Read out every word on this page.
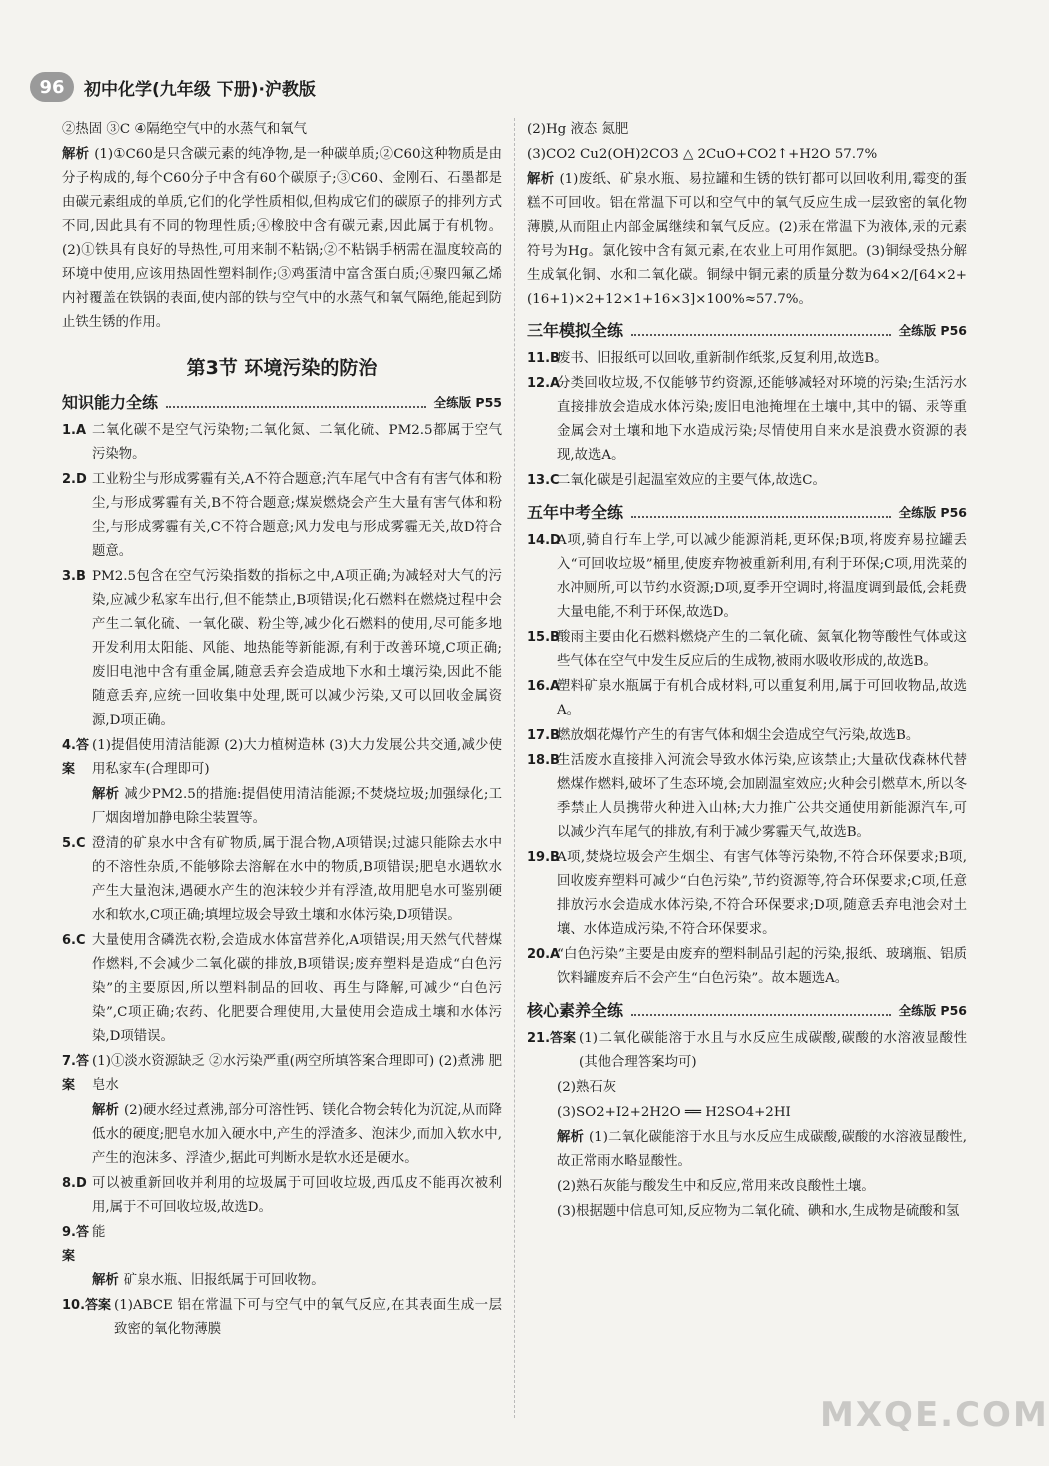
96	初中化学(九年级 下册)·沪教版

②热固 ③C ④隔绝空气中的水蒸气和氧气

解析 (1)①C60是只含碳元素的纯净物,是一种碳单质;②C60这种物质是由分子构成的,每个C60分子中含有60个碳原子;③C60、金刚石、石墨都是由碳元素组成的单质,它们的化学性质相似,但构成它们的碳原子的排列方式不同,因此具有不同的物理性质;④橡胶中含有碳元素,因此属于有机物。(2)①铁具有良好的导热性,可用来制不粘锅;②不粘锅手柄需在温度较高的环境中使用,应该用热固性塑料制作;③鸡蛋清中富含蛋白质;④聚四氟乙烯内衬覆盖在铁锅的表面,使内部的铁与空气中的水蒸气和氧气隔绝,能起到防止铁生锈的作用。

第3节 环境污染的防治
知识能力全练	全练版 P55
1.A 二氧化碳不是空气污染物;二氧化氮、二氧化硫、PM2.5都属于空气污染物。

2.D 工业粉尘与形成雾霾有关,A不符合题意;汽车尾气中含有有害气体和粉尘,与形成雾霾有关,B不符合题意;煤炭燃烧会产生大量有害气体和粉尘,与形成雾霾有关,C不符合题意;风力发电与形成雾霾无关,故D符合题意。

3.B PM2.5包含在空气污染指数的指标之中,A项正确;为减轻对大气的污染,应减少私家车出行,但不能禁止,B项错误;化石燃料在燃烧过程中会产生二氧化硫、一氧化碳、粉尘等,减少化石燃料的使用,尽可能多地开发利用太阳能、风能、地热能等新能源,有利于改善环境,C项正确;废旧电池中含有重金属,随意丢弃会造成地下水和土壤污染,因此不能随意丢弃,应统一回收集中处理,既可以减少污染,又可以回收金属资源,D项正确。

4.答案

(1)提倡使用清洁能源 (2)大力植树造林 (3)大力发展公共交通,减少使用私家车(合理即可)

解析 减少PM2.5的措施:提倡使用清洁能源;不焚烧垃圾;加强绿化;工厂烟囱增加静电除尘装置等。

5.C 澄清的矿泉水中含有矿物质,属于混合物,A项错误;过滤只能除去水中的不溶性杂质,不能够除去溶解在水中的物质,B项错误;肥皂水遇软水产生大量泡沫,遇硬水产生的泡沫较少并有浮渣,故用肥皂水可鉴别硬水和软水,C项正确;填埋垃圾会导致土壤和水体污染,D项错误。

6.C 大量使用含磷洗衣粉,会造成水体富营养化,A项错误;用天然气代替煤作燃料,不会减少二氧化碳的排放,B项错误;废弃塑料是造成“白色污染”的主要原因,所以塑料制品的回收、再生与降解,可减少“白色污染”,C项正确;农药、化肥要合理使用,大量使用会造成土壤和水体污染,D项错误。

7.答案

(1)①淡水资源缺乏 ②水污染严重(两空所填答案合理即可) (2)煮沸 肥皂水

解析 (2)硬水经过煮沸,部分可溶性钙、镁化合物会转化为沉淀,从而降低水的硬度;肥皂水加入硬水中,产生的浮渣多、泡沫少,而加入软水中,产生的泡沫多、浮渣少,据此可判断水是软水还是硬水。

8.D 可以被重新回收并利用的垃圾属于可回收垃圾,西瓜皮不能再次被利用,属于不可回收垃圾,故选D。

9.答案

能

解析 矿泉水瓶、旧报纸属于可回收物。

10.答案 (1)ABCE 铝在常温下可与空气中的氧气反应,在其表面生成一层致密的氧化物薄膜

(2)Hg 液态 氮肥

(3)CO2 Cu2(OH)2CO3 △ 2CuO+CO2↑+H2O 57.7%

解析 (1)废纸、矿泉水瓶、易拉罐和生锈的铁钉都可以回收利用,霉变的蛋糕不可回收。铝在常温下可以和空气中的氧气反应生成一层致密的氧化物薄膜,从而阻止内部金属继续和氧气反应。(2)汞在常温下为液体,汞的元素符号为Hg。氯化铵中含有氮元素,在农业上可用作氮肥。(3)铜绿受热分解生成氧化铜、水和二氧化碳。铜绿中铜元素的质量分数为64×2/[64×2+(16+1)×2+12×1+16×3]×100%≈57.7%。

三年模拟全练	全练版 P56
11.B

废书、旧报纸可以回收,重新制作纸浆,反复利用,故选B。

12.A

分类回收垃圾,不仅能够节约资源,还能够减轻对环境的污染;生活污水直接排放会造成水体污染;废旧电池掩埋在土壤中,其中的镉、汞等重金属会对土壤和地下水造成污染;尽情使用自来水是浪费水资源的表现,故选A。

13.C

二氧化碳是引起温室效应的主要气体,故选C。

五年中考全练	全练版 P56
14.D

A项,骑自行车上学,可以减少能源消耗,更环保;B项,将废弃易拉罐丢入“可回收垃圾”桶里,使废弃物被重新利用,有利于环保;C项,用洗菜的水冲厕所,可以节约水资源;D项,夏季开空调时,将温度调到最低,会耗费大量电能,不利于环保,故选D。

15.B

酸雨主要由化石燃料燃烧产生的二氧化硫、氮氧化物等酸性气体或这些气体在空气中发生反应后的生成物,被雨水吸收形成的,故选B。

16.A

塑料矿泉水瓶属于有机合成材料,可以重复利用,属于可回收物品,故选A。

17.B

燃放烟花爆竹产生的有害气体和烟尘会造成空气污染,故选B。

18.B

生活废水直接排入河流会导致水体污染,应该禁止;大量砍伐森林代替燃煤作燃料,破坏了生态环境,会加剧温室效应;火种会引燃草木,所以冬季禁止人员携带火种进入山林;大力推广公共交通使用新能源汽车,可以减少汽车尾气的排放,有利于减少雾霾天气,故选B。

19.B

A项,焚烧垃圾会产生烟尘、有害气体等污染物,不符合环保要求;B项,回收废弃塑料可减少“白色污染”,节约资源等,符合环保要求;C项,任意排放污水会造成水体污染,不符合环保要求;D项,随意丢弃电池会对土壤、水体造成污染,不符合环保要求。

20.A

“白色污染”主要是由废弃的塑料制品引起的污染,报纸、玻璃瓶、铝质饮料罐废弃后不会产生“白色污染”。故本题选A。

核心素养全练	全练版 P56
21.答案 (1)二氧化碳能溶于水且与水反应生成碳酸,碳酸的水溶液显酸性(其他合理答案均可)

(2)熟石灰

(3)SO2+I2+2H2O ══ H2SO4+2HI

解析 (1)二氧化碳能溶于水且与水反应生成碳酸,碳酸的水溶液显酸性,故正常雨水略显酸性。

(2)熟石灰能与酸发生中和反应,常用来改良酸性土壤。

(3)根据题中信息可知,反应物为二氧化硫、碘和水,生成物是硫酸和氢

MXQE.COM
